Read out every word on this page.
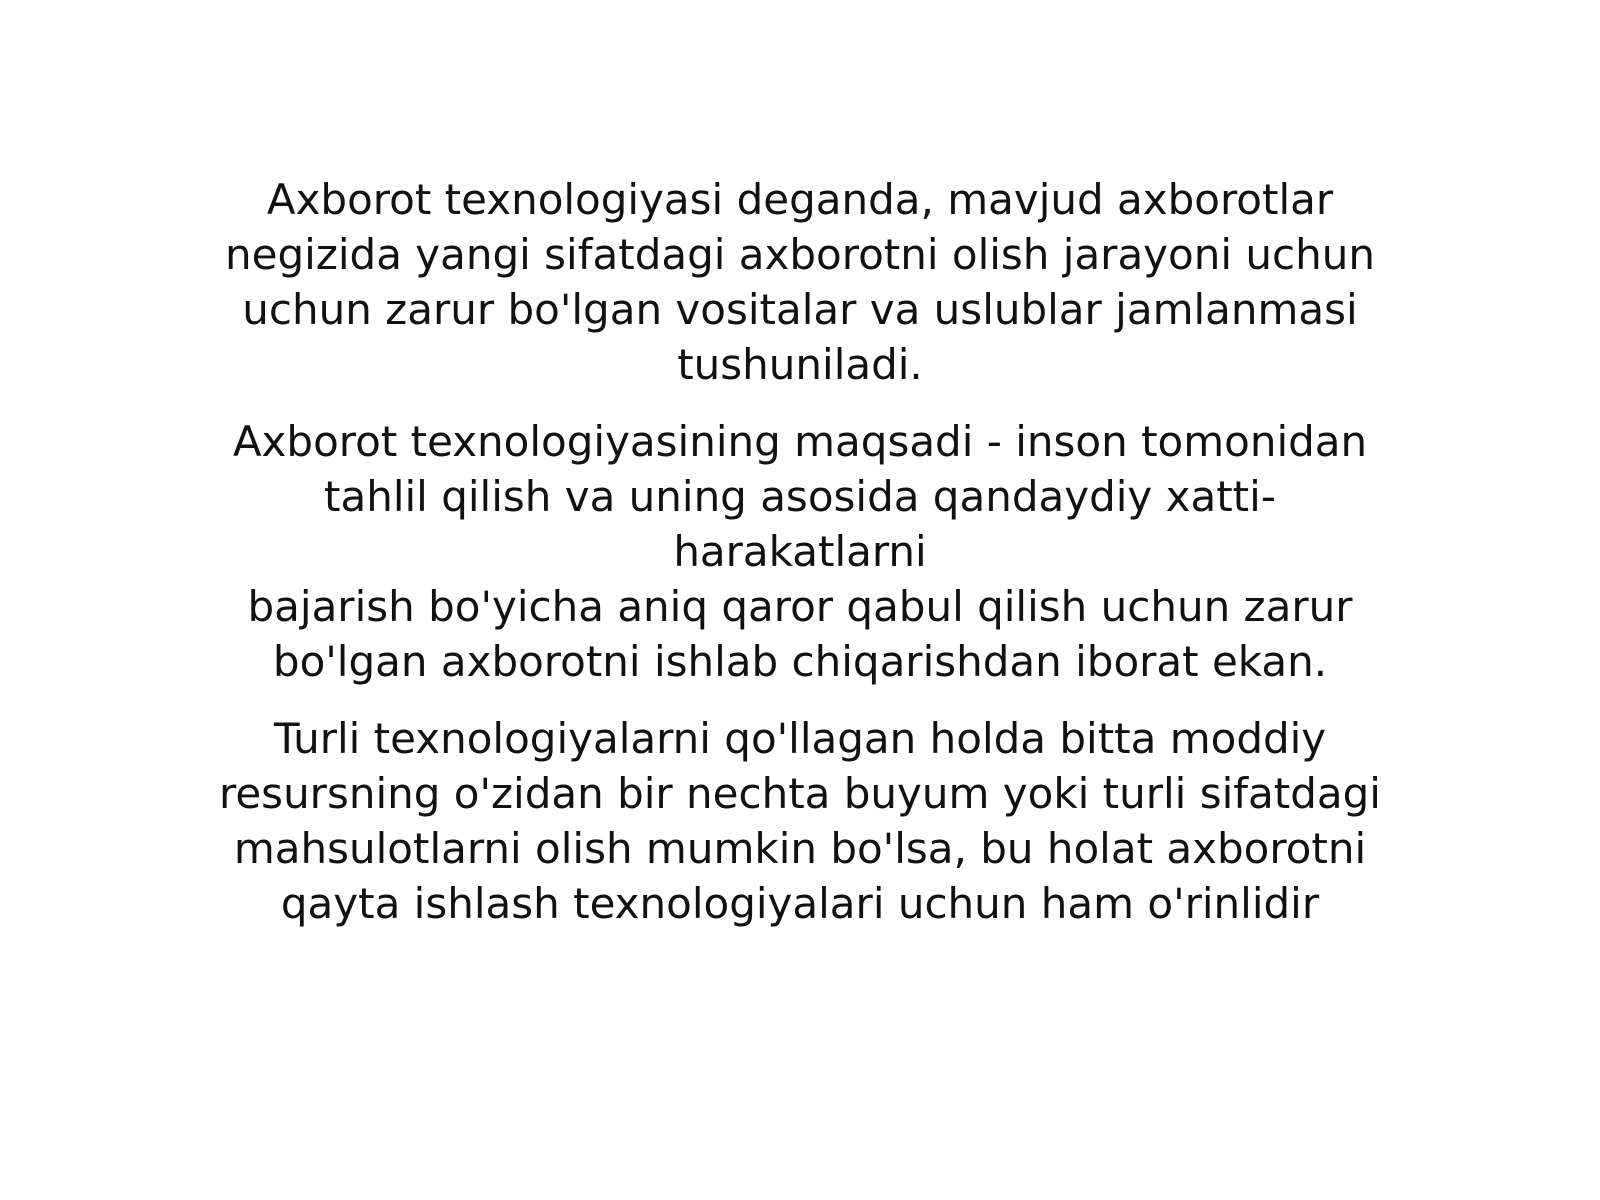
Axborot texnologiyasi deganda, mavjud axborotlar
negizida yangi sifatdagi axborotni olish jarayoni uchun
uchun zarur bo'lgan vositalar va uslublar jamlanmasi
tushuniladi.

Axborot texnologiyasining maqsadi - inson tomonidan
tahlil qilish va uning asosida qandaydiy xatti-harakatlarni
bajarish bo'yicha aniq qaror qabul qilish uchun zarur
bo'lgan axborotni ishlab chiqarishdan iborat ekan.

Turli texnologiyalarni qo'llagan holda bitta moddiy
resursning o'zidan bir nechta buyum yoki turli sifatdagi
mahsulotlarni olish mumkin bo'lsa, bu holat axborotni
qayta ishlash texnologiyalari uchun ham o'rinlidir
